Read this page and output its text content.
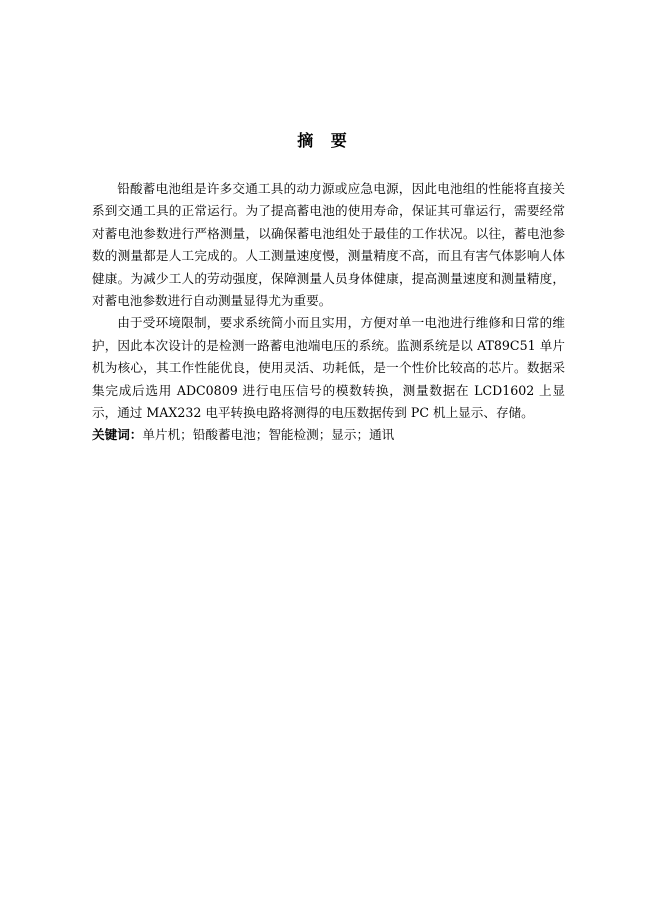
摘 要

铅酸蓄电池组是许多交通工具的动力源或应急电源，因此电池组的性能将直接关系到交通工具的正常运行。为了提高蓄电池的使用寿命，保证其可靠运行，需要经常对蓄电池参数进行严格测量，以确保蓄电池组处于最佳的工作状况。以往，蓄电池参数的测量都是人工完成的。人工测量速度慢，测量精度不高，而且有害气体影响人体健康。为减少工人的劳动强度，保障测量人员身体健康，提高测量速度和测量精度，对蓄电池参数进行自动测量显得尤为重要。

由于受环境限制，要求系统简小而且实用，方便对单一电池进行维修和日常的维护，因此本次设计的是检测一路蓄电池端电压的系统。监测系统是以 AT89C51 单片机为核心，其工作性能优良，使用灵活、功耗低，是一个性价比较高的芯片。数据采集完成后选用 ADC0809 进行电压信号的模数转换，测量数据在 LCD1602 上显示，通过 MAX232 电平转换电路将测得的电压数据传到 PC 机上显示、存储。

关键词：单片机；铅酸蓄电池；智能检测；显示；通讯
